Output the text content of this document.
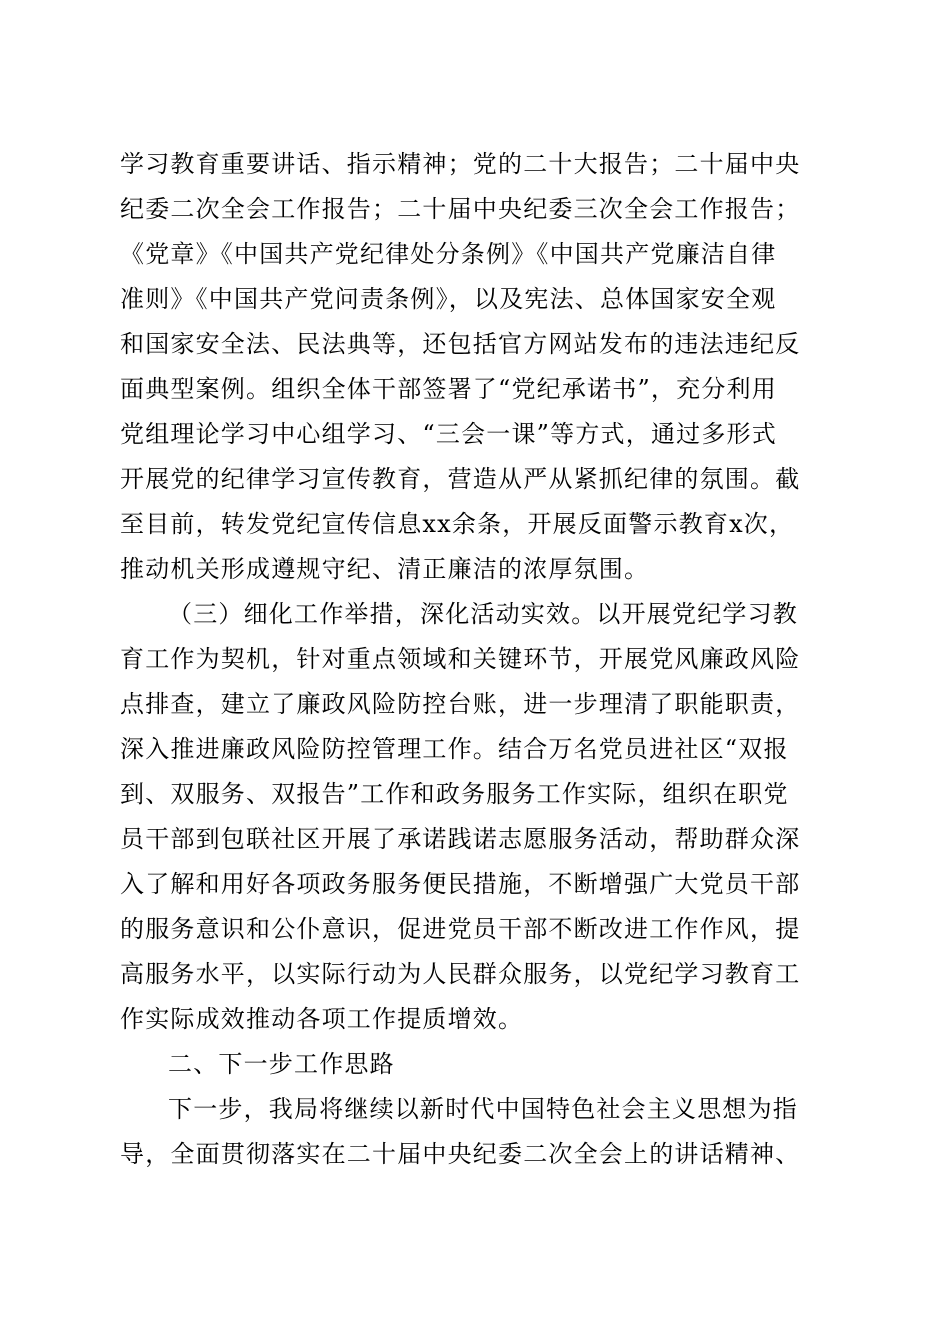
学习教育重要讲话、指示精神；党的二十大报告；二十届中央
纪委二次全会工作报告；二十届中央纪委三次全会工作报告；
《党章》《中国共产党纪律处分条例》《中国共产党廉洁自律
准则》《中国共产党问责条例》，以及宪法、总体国家安全观
和国家安全法、民法典等，还包括官方网站发布的违法违纪反
面典型案例。组织全体干部签署了“党纪承诺书”，充分利用
党组理论学习中心组学习、“三会一课”等方式，通过多形式
开展党的纪律学习宣传教育，营造从严从紧抓纪律的氛围。截
至目前，转发党纪宣传信息xx余条，开展反面警示教育x次，
推动机关形成遵规守纪、清正廉洁的浓厚氛围。
（三）细化工作举措，深化活动实效。以开展党纪学习教
育工作为契机，针对重点领域和关键环节，开展党风廉政风险
点排查，建立了廉政风险防控台账，进一步理清了职能职责，
深入推进廉政风险防控管理工作。结合万名党员进社区“双报
到、双服务、双报告”工作和政务服务工作实际，组织在职党
员干部到包联社区开展了承诺践诺志愿服务活动，帮助群众深
入了解和用好各项政务服务便民措施，不断增强广大党员干部
的服务意识和公仆意识，促进党员干部不断改进工作作风，提
高服务水平，以实际行动为人民群众服务，以党纪学习教育工
作实际成效推动各项工作提质增效。
二、下一步工作思路
下一步，我局将继续以新时代中国特色社会主义思想为指
导，全面贯彻落实在二十届中央纪委二次全会上的讲话精神、
